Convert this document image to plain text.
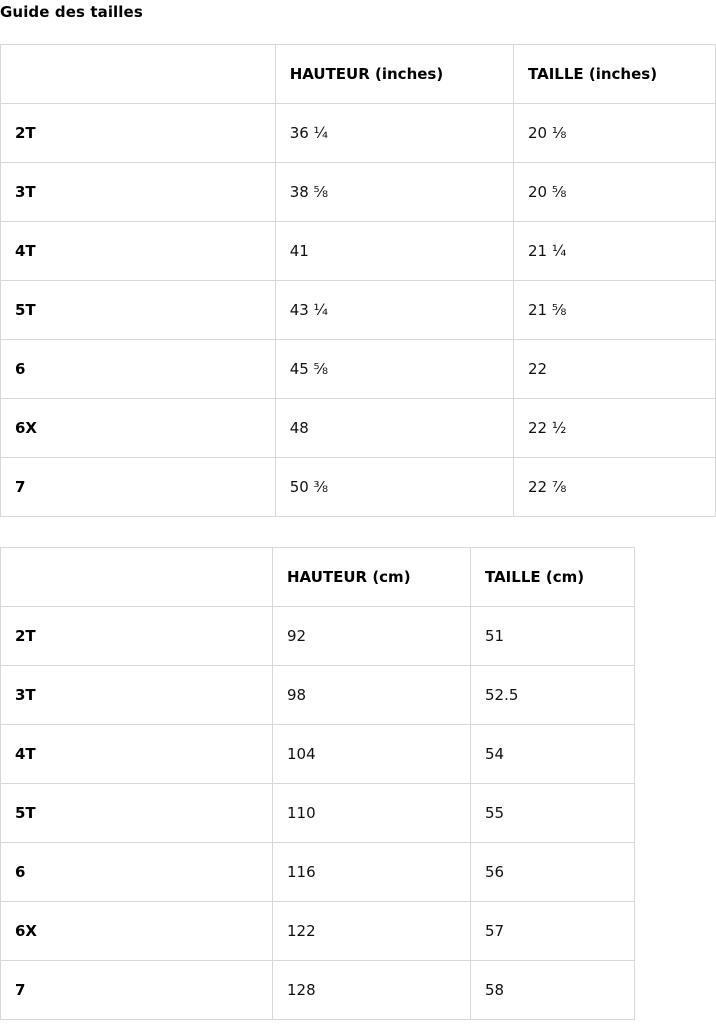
Guide des tailles
	HAUTEUR (inches)	TAILLE (inches)
2T	36 ¼	20 ⅛
3T	38 ⅝	20 ⅝
4T	41	21 ¼
5T	43 ¼	21 ⅝
6	45 ⅝	22
6X	48	22 ½
7	50 ⅜	22 ⅞
	HAUTEUR (cm)	TAILLE (cm)
2T	92	51
3T	98	52.5
4T	104	54
5T	110	55
6	116	56
6X	122	57
7	128	58
